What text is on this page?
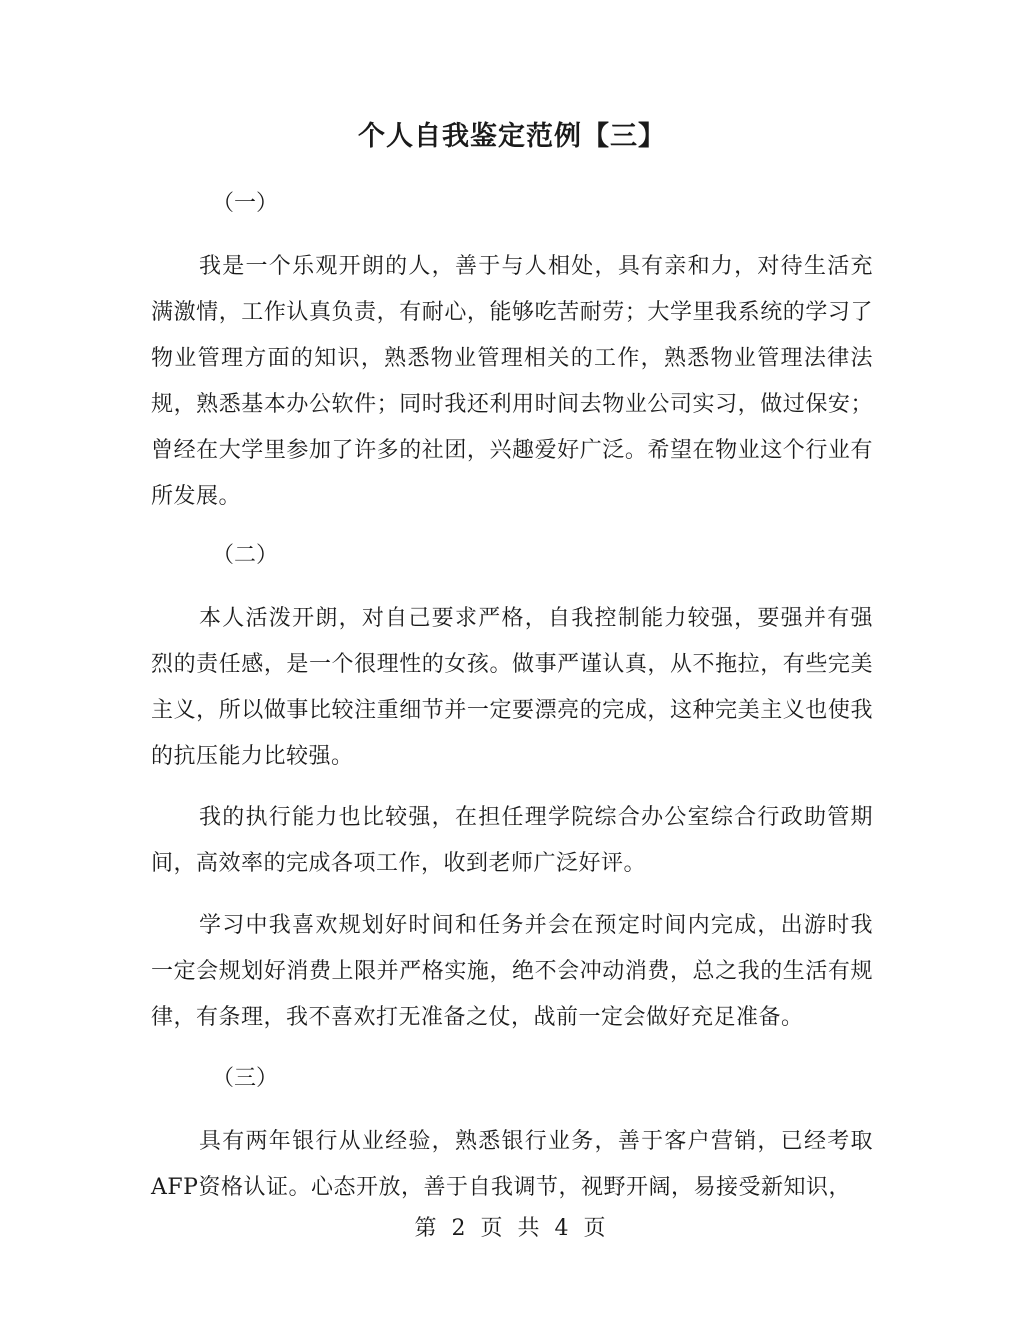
个人自我鉴定范例【三】
（一）
我是一个乐观开朗的人，善于与人相处，具有亲和力，对待生活充满激情，工作认真负责，有耐心，能够吃苦耐劳；大学里我系统的学习了物业管理方面的知识，熟悉物业管理相关的工作，熟悉物业管理法律法规，熟悉基本办公软件；同时我还利用时间去物业公司实习，做过保安；曾经在大学里参加了许多的社团，兴趣爱好广泛。希望在物业这个行业有所发展。
（二）
本人活泼开朗，对自己要求严格，自我控制能力较强，要强并有强烈的责任感，是一个很理性的女孩。做事严谨认真，从不拖拉，有些完美主义，所以做事比较注重细节并一定要漂亮的完成，这种完美主义也使我的抗压能力比较强。
我的执行能力也比较强，在担任理学院综合办公室综合行政助管期间，高效率的完成各项工作，收到老师广泛好评。
学习中我喜欢规划好时间和任务并会在预定时间内完成，出游时我一定会规划好消费上限并严格实施，绝不会冲动消费，总之我的生活有规律，有条理，我不喜欢打无准备之仗，战前一定会做好充足准备。
（三）
具有两年银行从业经验，熟悉银行业务，善于客户营销，已经考取AFP资格认证。心态开放，善于自我调节，视野开阔，易接受新知识，
第 2 页 共 4 页
